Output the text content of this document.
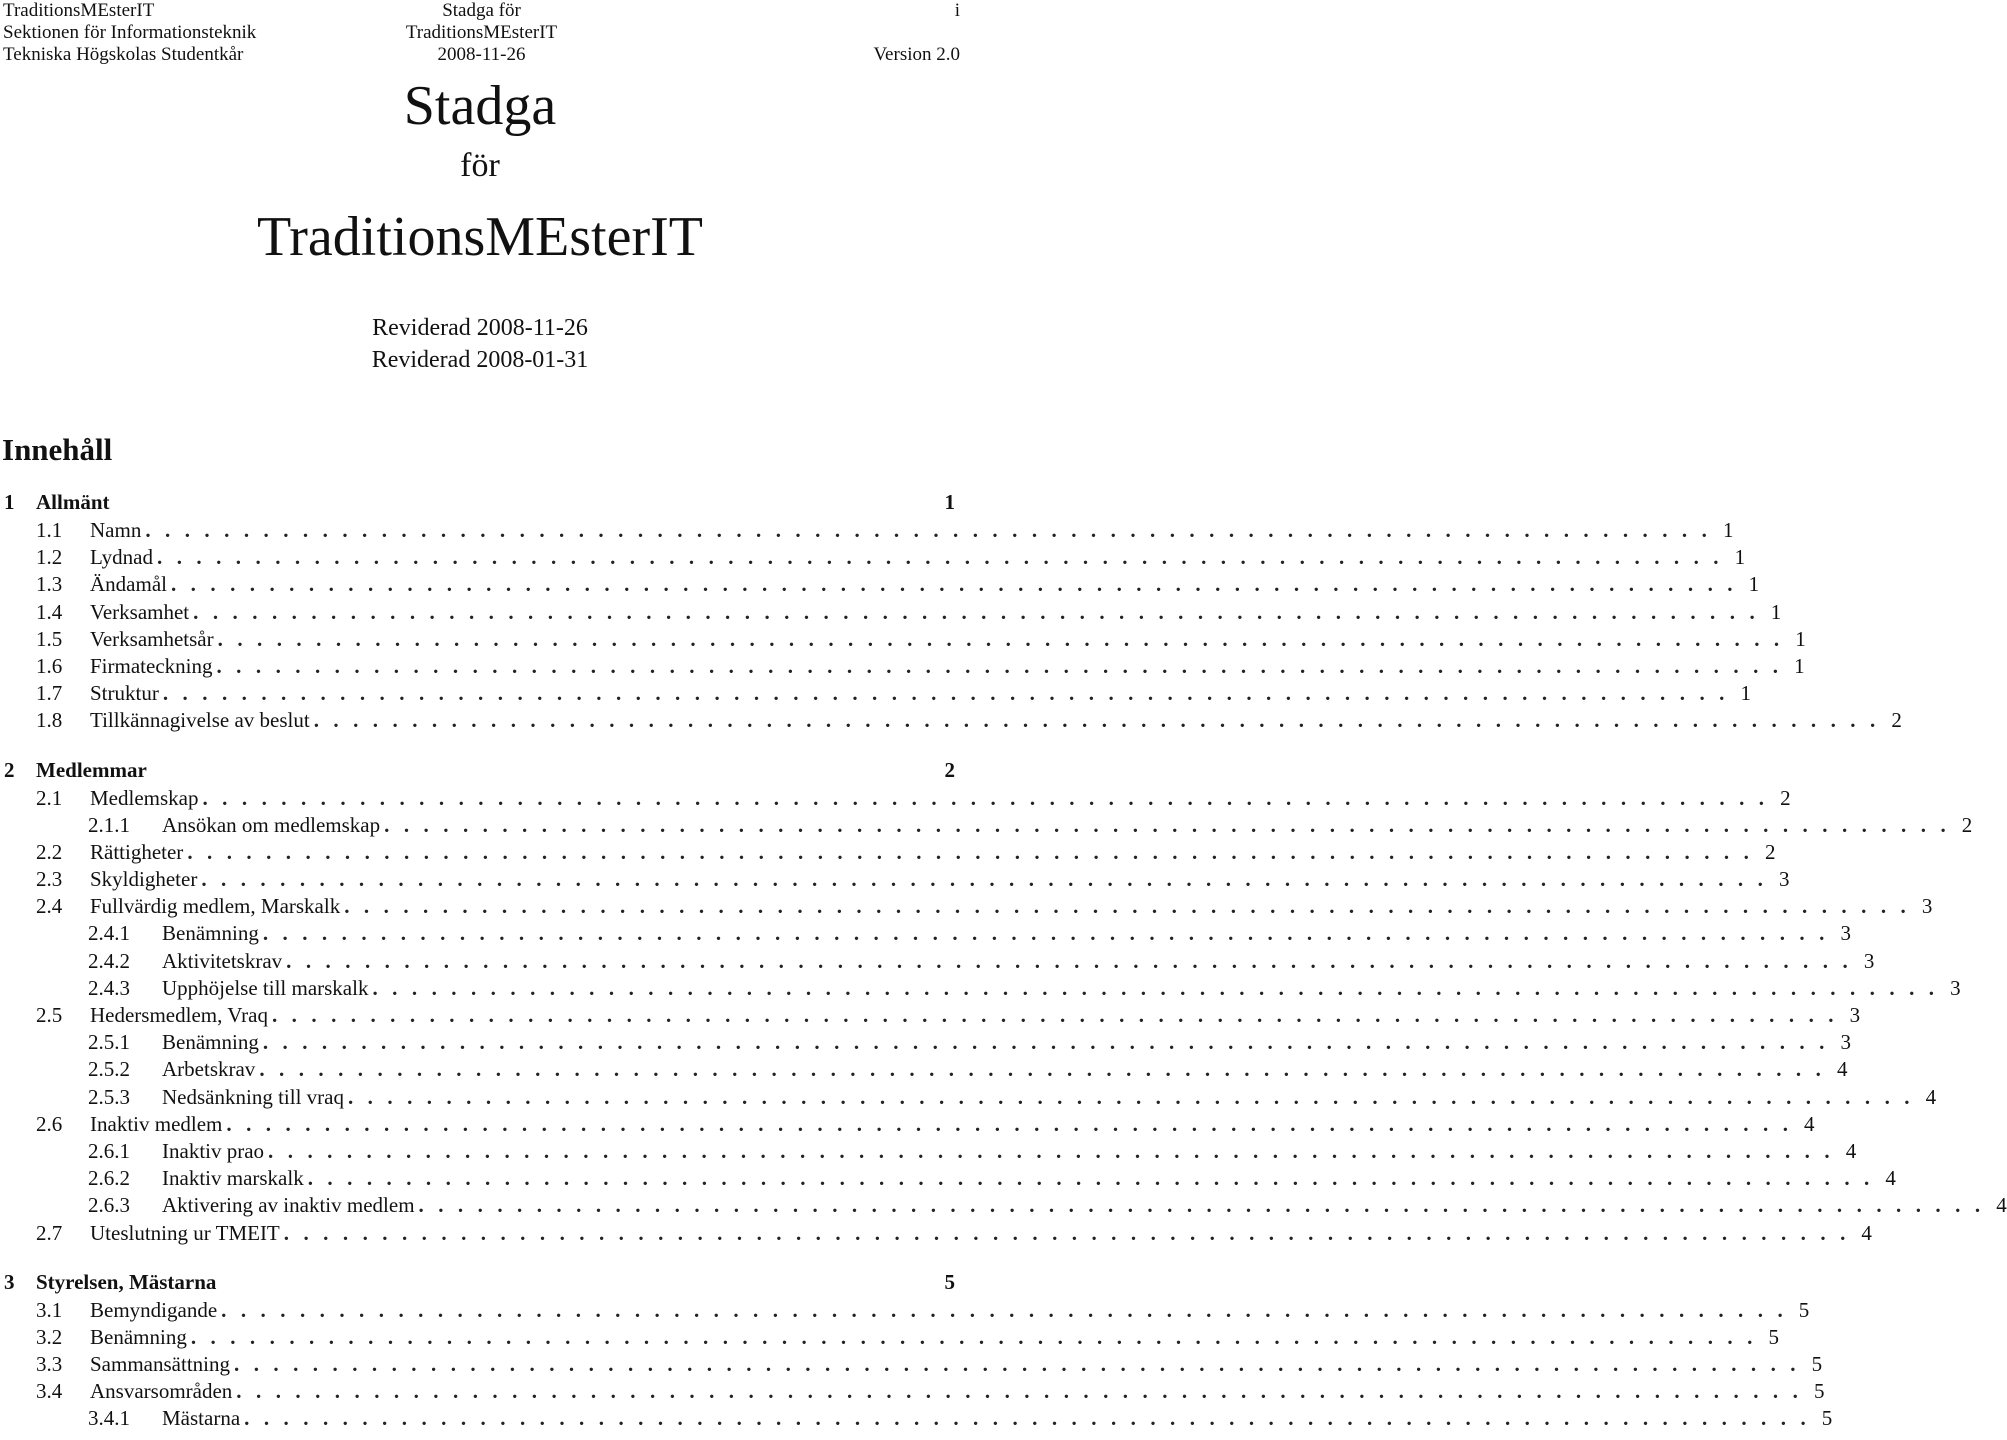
TraditionsMEsterIT	Stadga för	i
Sektionen för Informationsteknik	TraditionsMEsterIT
Tekniska Högskolas Studentkår	2008-11-26	Version 2.0
Stadga
för
TraditionsMEsterIT
Reviderad 2008-11-26
Reviderad 2008-01-31
Innehåll
1	Allmänt	1
1.1	Namn . . . . . . . . . . . . . . . . . . . . . . . . . . . . . . . . . . . . . . . . . . . . . . . . . . . . . . . . . . . . . . . . . . . . . . . . . . . . . . . . 1
1.2	Lydnad . . . . . . . . . . . . . . . . . . . . . . . . . . . . . . . . . . . . . . . . . . . . . . . . . . . . . . . . . . . . . . . . . . . . . . . . . . . . . . . . 1
1.3	Ändamål . . . . . . . . . . . . . . . . . . . . . . . . . . . . . . . . . . . . . . . . . . . . . . . . . . . . . . . . . . . . . . . . . . . . . . . . . . . . . . . . 1
1.4	Verksamhet . . . . . . . . . . . . . . . . . . . . . . . . . . . . . . . . . . . . . . . . . . . . . . . . . . . . . . . . . . . . . . . . . . . . . . . . . . . . . . . . 1
1.5	Verksamhetsår . . . . . . . . . . . . . . . . . . . . . . . . . . . . . . . . . . . . . . . . . . . . . . . . . . . . . . . . . . . . . . . . . . . . . . . . . . . . . . . . 1
1.6	Firmateckning . . . . . . . . . . . . . . . . . . . . . . . . . . . . . . . . . . . . . . . . . . . . . . . . . . . . . . . . . . . . . . . . . . . . . . . . . . . . . . . . 1
1.7	Struktur . . . . . . . . . . . . . . . . . . . . . . . . . . . . . . . . . . . . . . . . . . . . . . . . . . . . . . . . . . . . . . . . . . . . . . . . . . . . . . . . 1
1.8	Tillkännagivelse av beslut . . . . . . . . . . . . . . . . . . . . . . . . . . . . . . . . . . . . . . . . . . . . . . . . . . . . . . . . . . . . . . . . . . . . . . . . . . . . . . . . 2
2	Medlemmar	2
2.1	Medlemskap . . . . . . . . . . . . . . . . . . . . . . . . . . . . . . . . . . . . . . . . . . . . . . . . . . . . . . . . . . . . . . . . . . . . . . . . . . . . . . . . 2
2.1.1	Ansökan om medlemskap . . . . . . . . . . . . . . . . . . . . . . . . . . . . . . . . . . . . . . . . . . . . . . . . . . . . . . . . . . . . . . . . . . . . . . . . . . . . . . . . 2
2.2	Rättigheter . . . . . . . . . . . . . . . . . . . . . . . . . . . . . . . . . . . . . . . . . . . . . . . . . . . . . . . . . . . . . . . . . . . . . . . . . . . . . . . . 2
2.3	Skyldigheter . . . . . . . . . . . . . . . . . . . . . . . . . . . . . . . . . . . . . . . . . . . . . . . . . . . . . . . . . . . . . . . . . . . . . . . . . . . . . . . . 3
2.4	Fullvärdig medlem, Marskalk . . . . . . . . . . . . . . . . . . . . . . . . . . . . . . . . . . . . . . . . . . . . . . . . . . . . . . . . . . . . . . . . . . . . . . . . . . . . . . . . 3
2.4.1	Benämning . . . . . . . . . . . . . . . . . . . . . . . . . . . . . . . . . . . . . . . . . . . . . . . . . . . . . . . . . . . . . . . . . . . . . . . . . . . . . . . . 3
2.4.2	Aktivitetskrav . . . . . . . . . . . . . . . . . . . . . . . . . . . . . . . . . . . . . . . . . . . . . . . . . . . . . . . . . . . . . . . . . . . . . . . . . . . . . . . . 3
2.4.3	Upphöjelse till marskalk . . . . . . . . . . . . . . . . . . . . . . . . . . . . . . . . . . . . . . . . . . . . . . . . . . . . . . . . . . . . . . . . . . . . . . . . . . . . . . . . 3
2.5	Hedersmedlem, Vraq . . . . . . . . . . . . . . . . . . . . . . . . . . . . . . . . . . . . . . . . . . . . . . . . . . . . . . . . . . . . . . . . . . . . . . . . . . . . . . . . 3
2.5.1	Benämning . . . . . . . . . . . . . . . . . . . . . . . . . . . . . . . . . . . . . . . . . . . . . . . . . . . . . . . . . . . . . . . . . . . . . . . . . . . . . . . . 3
2.5.2	Arbetskrav . . . . . . . . . . . . . . . . . . . . . . . . . . . . . . . . . . . . . . . . . . . . . . . . . . . . . . . . . . . . . . . . . . . . . . . . . . . . . . . . 4
2.5.3	Nedsänkning till vraq . . . . . . . . . . . . . . . . . . . . . . . . . . . . . . . . . . . . . . . . . . . . . . . . . . . . . . . . . . . . . . . . . . . . . . . . . . . . . . . . 4
2.6	Inaktiv medlem . . . . . . . . . . . . . . . . . . . . . . . . . . . . . . . . . . . . . . . . . . . . . . . . . . . . . . . . . . . . . . . . . . . . . . . . . . . . . . . . 4
2.6.1	Inaktiv prao . . . . . . . . . . . . . . . . . . . . . . . . . . . . . . . . . . . . . . . . . . . . . . . . . . . . . . . . . . . . . . . . . . . . . . . . . . . . . . . . 4
2.6.2	Inaktiv marskalk . . . . . . . . . . . . . . . . . . . . . . . . . . . . . . . . . . . . . . . . . . . . . . . . . . . . . . . . . . . . . . . . . . . . . . . . . . . . . . . . 4
2.6.3	Aktivering av inaktiv medlem . . . . . . . . . . . . . . . . . . . . . . . . . . . . . . . . . . . . . . . . . . . . . . . . . . . . . . . . . . . . . . . . . . . . . . . . . . . . . . . . 4
2.7	Uteslutning ur TMEIT . . . . . . . . . . . . . . . . . . . . . . . . . . . . . . . . . . . . . . . . . . . . . . . . . . . . . . . . . . . . . . . . . . . . . . . . . . . . . . . . 4
3	Styrelsen, Mästarna	5
3.1	Bemyndigande . . . . . . . . . . . . . . . . . . . . . . . . . . . . . . . . . . . . . . . . . . . . . . . . . . . . . . . . . . . . . . . . . . . . . . . . . . . . . . . . 5
3.2	Benämning . . . . . . . . . . . . . . . . . . . . . . . . . . . . . . . . . . . . . . . . . . . . . . . . . . . . . . . . . . . . . . . . . . . . . . . . . . . . . . . . 5
3.3	Sammansättning . . . . . . . . . . . . . . . . . . . . . . . . . . . . . . . . . . . . . . . . . . . . . . . . . . . . . . . . . . . . . . . . . . . . . . . . . . . . . . . . 5
3.4	Ansvarsområden . . . . . . . . . . . . . . . . . . . . . . . . . . . . . . . . . . . . . . . . . . . . . . . . . . . . . . . . . . . . . . . . . . . . . . . . . . . . . . . . 5
3.4.1	Mästarna . . . . . . . . . . . . . . . . . . . . . . . . . . . . . . . . . . . . . . . . . . . . . . . . . . . . . . . . . . . . . . . . . . . . . . . . . . . . . . . . 5
